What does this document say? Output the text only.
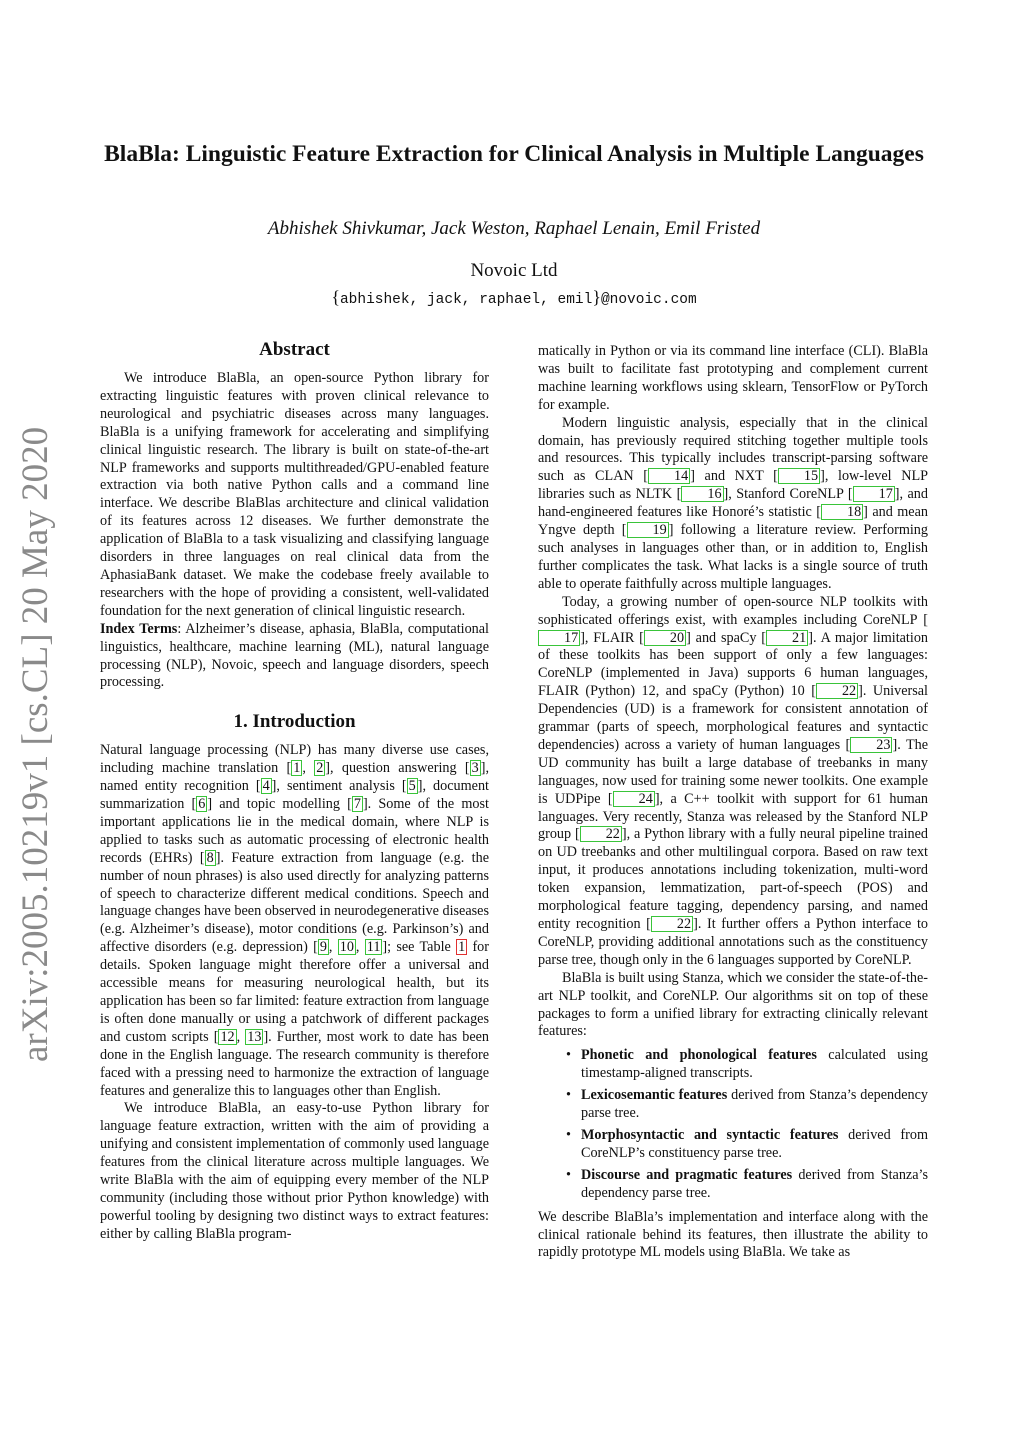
BlaBla: Linguistic Feature Extraction for Clinical Analysis in Multiple Languages
Abhishek Shivkumar, Jack Weston, Raphael Lenain, Emil Fristed
Novoic Ltd
{abhishek, jack, raphael, emil}@novoic.com
arXiv:2005.10219v1 [cs.CL] 20 May 2020
Abstract

We introduce BlaBla, an open-source Python library for extracting linguistic features with proven clinical relevance to neurological and psychiatric diseases across many languages. BlaBla is a unifying framework for accelerating and simplifying clinical linguistic research. The library is built on state-of-the-art NLP frameworks and supports multithreaded/GPU-enabled feature extraction via both native Python calls and a command line interface. We describe BlaBlas architecture and clinical validation of its features across 12 diseases. We further demonstrate the application of BlaBla to a task visualizing and classifying language disorders in three languages on real clinical data from the AphasiaBank dataset. We make the codebase freely available to researchers with the hope of providing a consistent, well-validated foundation for the next generation of clinical linguistic research.

Index Terms: Alzheimer’s disease, aphasia, BlaBla, computational linguistics, healthcare, machine learning (ML), natural language processing (NLP), Novoic, speech and language disorders, speech processing.

1. Introduction

Natural language processing (NLP) has many diverse use cases, including machine translation [ 1 , 2 ], question answering [ 3 ], named entity recognition [ 4 ], sentiment analysis [ 5 ], document summarization [ 6 ] and topic modelling [ 7 ]. Some of the most important applications lie in the medical domain, where NLP is applied to tasks such as automatic processing of electronic health records (EHRs) [ 8 ]. Feature extraction from language (e.g. the number of noun phrases) is also used directly for analyzing patterns of speech to characterize different medical conditions. Speech and language changes have been observed in neurodegenerative diseases (e.g. Alzheimer’s disease), motor conditions (e.g. Parkinson’s) and affective disorders (e.g. depression) [ 9 , 10 , 11 ]; see Table 1 for details. Spoken language might therefore offer a universal and accessible means for measuring neurological health, but its application has been so far limited: feature extraction from language is often done manually or using a patchwork of different packages and custom scripts [ 12 , 13 ]. Further, most work to date has been done in the English language. The research community is therefore faced with a pressing need to harmonize the extraction of language features and generalize this to languages other than English.

We introduce BlaBla, an easy-to-use Python library for language feature extraction, written with the aim of providing a unifying and consistent implementation of commonly used language features from the clinical literature across multiple languages. We write BlaBla with the aim of equipping every member of the NLP community (including those without prior Python knowledge) with powerful tooling by designing two distinct ways to extract features: either by calling BlaBla program-

matically in Python or via its command line interface (CLI). BlaBla was built to facilitate fast prototyping and complement current machine learning workflows using sklearn, TensorFlow or PyTorch for example.

Modern linguistic analysis, especially that in the clinical domain, has previously required stitching together multiple tools and resources. This typically includes transcript-parsing software such as CLAN [ 14 ] and NXT [ 15 ], low-level NLP libraries such as NLTK [ 16 ], Stanford CoreNLP [ 17 ], and hand-engineered features like Honoré’s statistic [ 18 ] and mean Yngve depth [ 19 ] following a literature review. Performing such analyses in languages other than, or in addition to, English further complicates the task. What lacks is a single source of truth able to operate faithfully across multiple languages.

Today, a growing number of open-source NLP toolkits with sophisticated offerings exist, with examples including CoreNLP [17 ], FLAIR [ 20 ] and spaCy [ 21 ]. A major limitation of these toolkits has been support of only a few languages: CoreNLP (implemented in Java) supports 6 human languages, FLAIR (Python) 12, and spaCy (Python) 10 [ 22 ]. Universal Dependencies (UD) is a framework for consistent annotation of grammar (parts of speech, morphological features and syntactic dependencies) across a variety of human languages [ 23 ]. The UD community has built a large database of treebanks in many languages, now used for training some newer toolkits. One example is UDPipe [ 24 ], a C++ toolkit with support for 61 human languages. Very recently, Stanza was released by the Stanford NLP group [ 22 ], a Python library with a fully neural pipeline trained on UD treebanks and other multilingual corpora. Based on raw text input, it produces annotations including tokenization, multi-word token expansion, lemmatization, part-of-speech (POS) and morphological feature tagging, dependency parsing, and named entity recognition [ 22 ]. It further offers a Python interface to CoreNLP, providing additional annotations such as the constituency parse tree, though only in the 6 languages supported by CoreNLP.

BlaBla is built using Stanza, which we consider the state-of-the-art NLP toolkit, and CoreNLP. Our algorithms sit on top of these packages to form a unified library for extracting clinically relevant features:

• Phonetic and phonological features calculated using timestamp-aligned transcripts.
• Lexicosemantic features derived from Stanza’s dependency parse tree.
• Morphosyntactic and syntactic features derived from CoreNLP’s constituency parse tree.
• Discourse and pragmatic features derived from Stanza’s dependency parse tree.

We describe BlaBla’s implementation and interface along with the clinical rationale behind its features, then illustrate the ability to rapidly prototype ML models using BlaBla. We take as
